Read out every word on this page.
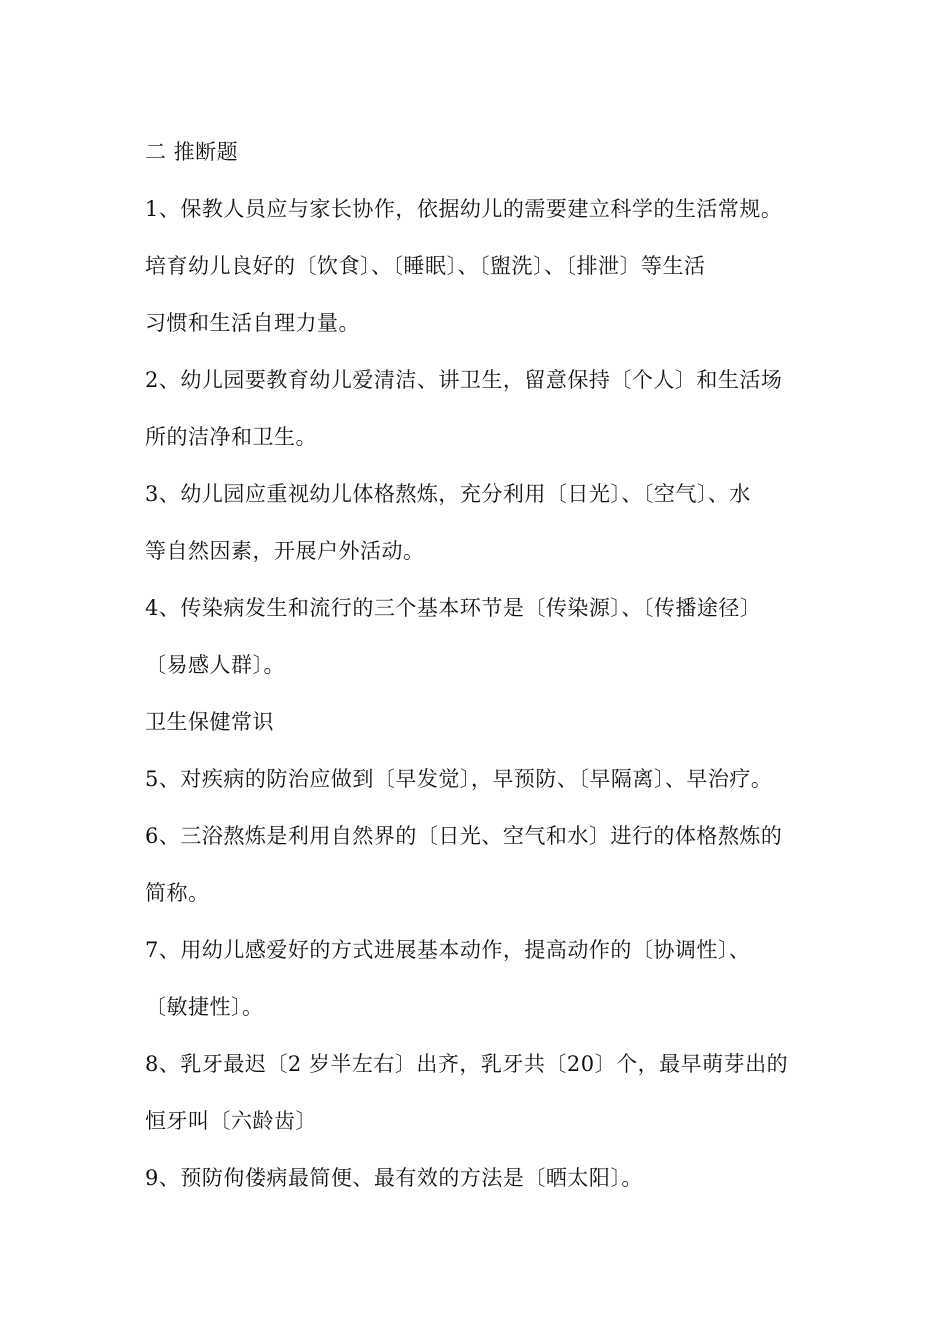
二 推断题
1、保教人员应与家长协作，依据幼儿的需要建立科学的生活常规。
培育幼儿良好的〔饮食〕、〔睡眠〕、〔盥洗〕、〔排泄〕等生活
习惯和生活自理力量。
2、幼儿园要教育幼儿爱清洁、讲卫生，留意保持〔个人〕和生活场
所的洁净和卫生。
3、幼儿园应重视幼儿体格熬炼，充分利用〔日光〕、〔空气〕、水
等自然因素，开展户外活动。
4、传染病发生和流行的三个基本环节是〔传染源〕、〔传播途径〕
〔易感人群〕。
卫生保健常识
5、对疾病的防治应做到〔早发觉〕，早预防、〔早隔离〕、早治疗。
6、三浴熬炼是利用自然界的〔日光、空气和水〕进行的体格熬炼的
简称。
7、用幼儿感爱好的方式进展基本动作，提高动作的〔协调性〕、
〔敏捷性〕。
8、乳牙最迟〔2 岁半左右〕出齐，乳牙共〔20〕个，最早萌芽出的
恒牙叫〔六龄齿〕
9、预防佝偻病最简便、最有效的方法是〔晒太阳〕。
